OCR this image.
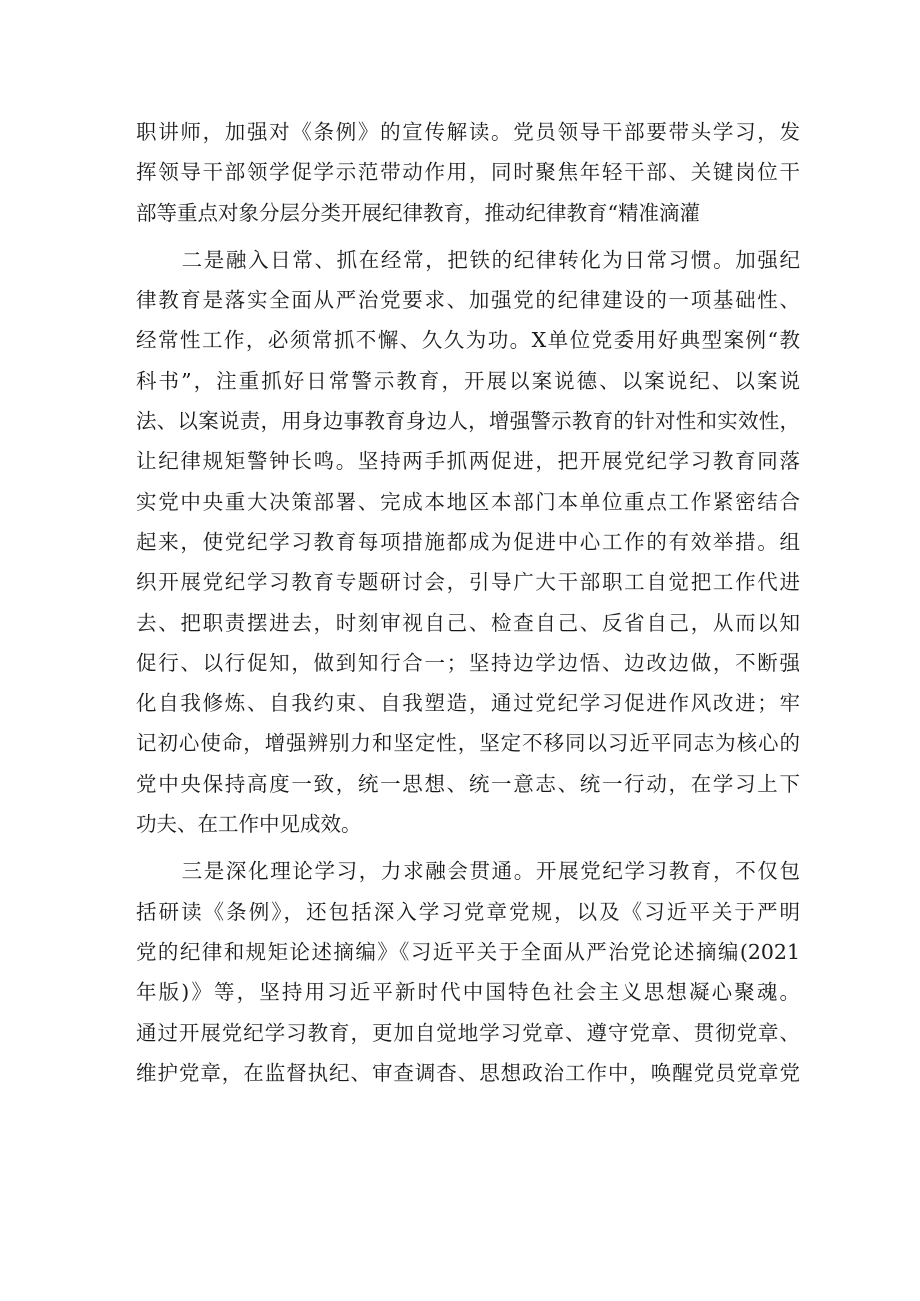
职讲师，加强对《条例》的宣传解读。党员领导干部要带头学习，发
挥领导干部领学促学示范带动作用，同时聚焦年轻干部、关键岗位干
部等重点对象分层分类开展纪律教育，推动纪律教育“精准滴灌

二是融入日常、抓在经常，把铁的纪律转化为日常习惯。加强纪
律教育是落实全面从严治党要求、加强党的纪律建设的一项基础性、
经常性工作，必须常抓不懈、久久为功。X单位党委用好典型案例“教
科书”，注重抓好日常警示教育，开展以案说德、以案说纪、以案说
法、以案说责，用身边事教育身边人，增强警示教育的针对性和实效性，
让纪律规矩警钟长鸣。坚持两手抓两促进，把开展党纪学习教育同落
实党中央重大决策部署、完成本地区本部门本单位重点工作紧密结合
起来，使党纪学习教育每项措施都成为促进中心工作的有效举措。组
织开展党纪学习教育专题研讨会，引导广大干部职工自觉把工作代进
去、把职责摆进去，时刻审视自己、检查自己、反省自己，从而以知
促行、以行促知，做到知行合一；坚持边学边悟、边改边做，不断强
化自我修炼、自我约束、自我塑造，通过党纪学习促进作风改进；牢
记初心使命，增强辨别力和坚定性，坚定不移同以习近平同志为核心的
党中央保持高度一致，统一思想、统一意志、统一行动，在学习上下
功夫、在工作中见成效。

三是深化理论学习，力求融会贯通。开展党纪学习教育，不仅包
括研读《条例》，还包括深入学习党章党规，以及《习近平关于严明
党的纪律和规矩论述摘编》《习近平关于全面从严治党论述摘编(2021
年版)》等，坚持用习近平新时代中国特色社会主义思想凝心聚魂。
通过开展党纪学习教育，更加自觉地学习党章、遵守党章、贯彻党章、
维护党章，在监督执纪、审查调杳、思想政治工作中，唤醒党员党章党
